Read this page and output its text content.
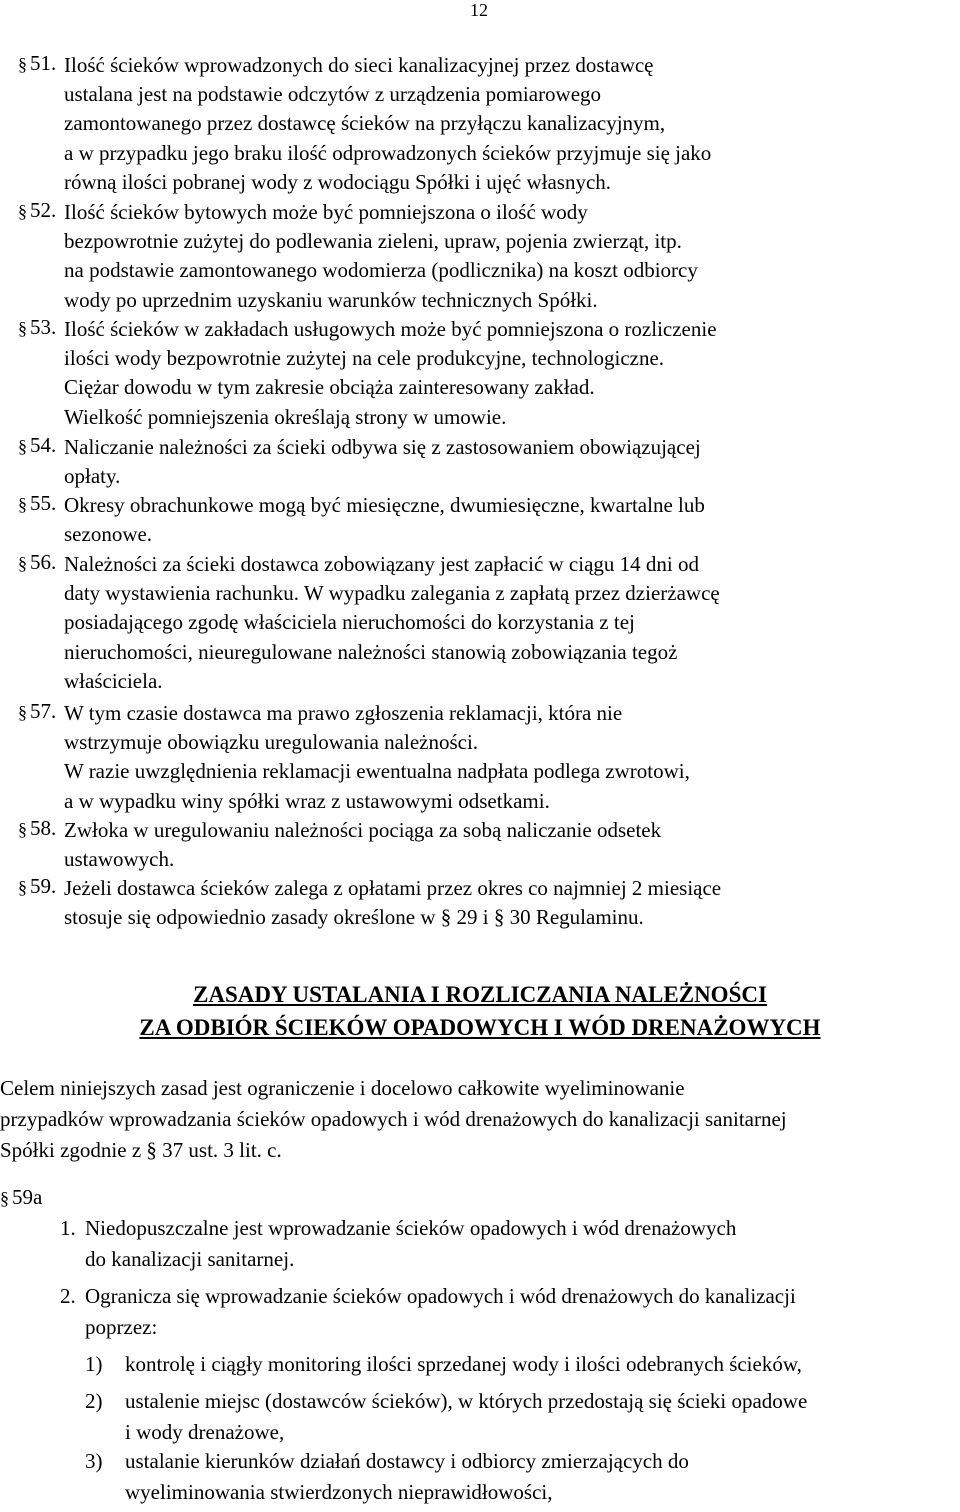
12
§ 51. Ilość ścieków wprowadzonych do sieci kanalizacyjnej przez dostawcę
ustalana jest na podstawie odczytów z urządzenia pomiarowego
zamontowanego przez dostawcę ścieków na przyłączu kanalizacyjnym,
a w przypadku jego braku ilość odprowadzonych ścieków przyjmuje się jako
równą ilości pobranej wody z wodociągu Spółki i ujęć własnych.
§ 52. Ilość ścieków bytowych może być pomniejszona o ilość wody
bezpowrotnie zużytej do podlewania zieleni, upraw, pojenia zwierząt, itp.
na podstawie zamontowanego wodomierza (podlicznika) na koszt odbiorcy
wody po uprzednim uzyskaniu warunków technicznych Spółki.
§ 53. Ilość ścieków w zakładach usługowych może być pomniejszona o rozliczenie
ilości wody bezpowrotnie zużytej na cele produkcyjne, technologiczne.
Ciężar dowodu w tym zakresie obciąża zainteresowany zakład.
Wielkość pomniejszenia określają strony w umowie.
§ 54. Naliczanie należności za ścieki odbywa się z zastosowaniem obowiązującej
opłaty.
§ 55. Okresy obrachunkowe mogą być miesięczne, dwumiesięczne, kwartalne lub
sezonowe.
§ 56. Należności za ścieki dostawca zobowiązany jest zapłacić w ciągu 14 dni od
daty wystawienia rachunku. W wypadku zalegania z zapłatą przez dzierżawcę
posiadającego zgodę właściciela nieruchomości do korzystania z tej
nieruchomości, nieuregulowane należności stanowią zobowiązania tegoż
właściciela.
§ 57. W tym czasie dostawca ma prawo zgłoszenia reklamacji, która nie
wstrzymuje obowiązku uregulowania należności.
W razie uwzględnienia reklamacji ewentualna nadpłata podlega zwrotowi,
a w wypadku winy spółki wraz z ustawowymi odsetkami.
§ 58. Zwłoka w uregulowaniu należności pociąga za sobą naliczanie odsetek
ustawowych.
§ 59. Jeżeli dostawca ścieków zalega z opłatami przez okres co najmniej 2 miesiące
stosuje się odpowiednio zasady określone w § 29 i § 30 Regulaminu.
ZASADY USTALANIA I ROZLICZANIA NALEŻNOŚCI
ZA ODBIÓR ŚCIEKÓW OPADOWYCH I WÓD DRENAŻOWYCH
Celem niniejszych zasad jest ograniczenie i docelowo całkowite wyeliminowanie
przypadków wprowadzania ścieków opadowych i wód drenażowych do kanalizacji sanitarnej
Spółki zgodnie z § 37 ust. 3 lit. c.
§ 59a
1. Niedopuszczalne jest wprowadzanie ścieków opadowych i wód drenażowych
do kanalizacji sanitarnej.
2. Ogranicza się wprowadzanie ścieków opadowych i wód drenażowych do kanalizacji
poprzez:
1) kontrolę i ciągły monitoring ilości sprzedanej wody i ilości odebranych ścieków,
2) ustalenie miejsc (dostawców ścieków), w których przedostają się ścieki opadowe
i wody drenażowe,
3) ustalanie kierunków działań dostawcy i odbiorcy zmierzających do
wyeliminowania stwierdzonych nieprawidłowości,
